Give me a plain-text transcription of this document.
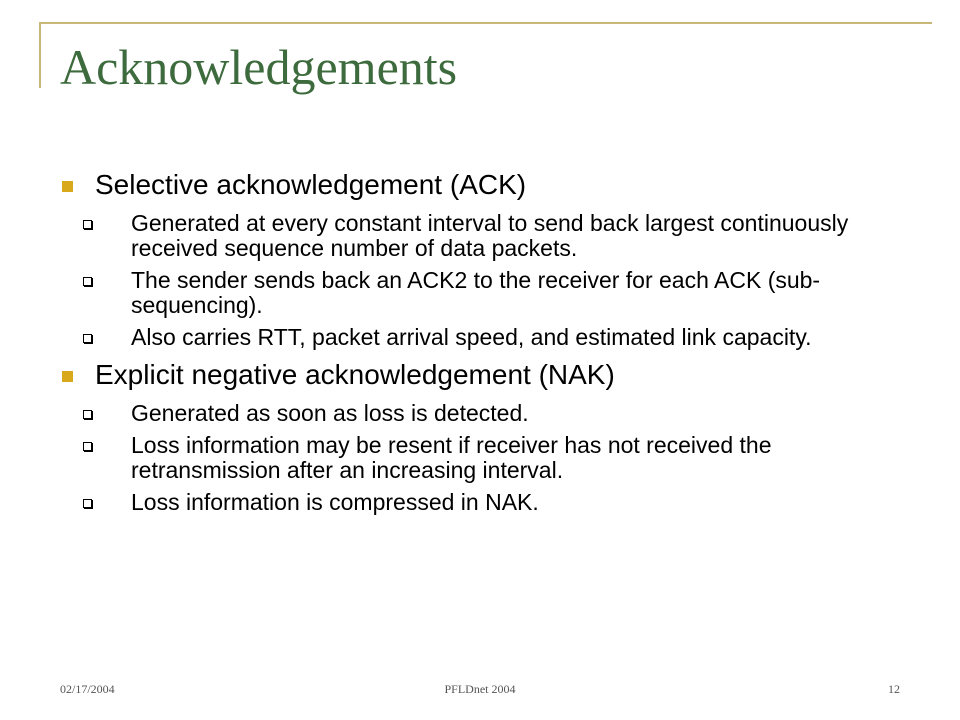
Acknowledgements
Selective acknowledgement (ACK)
Generated at every constant interval to send back largest continuously received sequence number of data packets.
The sender sends back an ACK2 to the receiver for each ACK (sub-sequencing).
Also carries RTT, packet arrival speed, and estimated link capacity.
Explicit negative acknowledgement (NAK)
Generated as soon as loss is detected.
Loss information may be resent if receiver has not received the retransmission after an increasing interval.
Loss information is compressed in NAK.
02/17/2004	PFLDnet 2004	12
